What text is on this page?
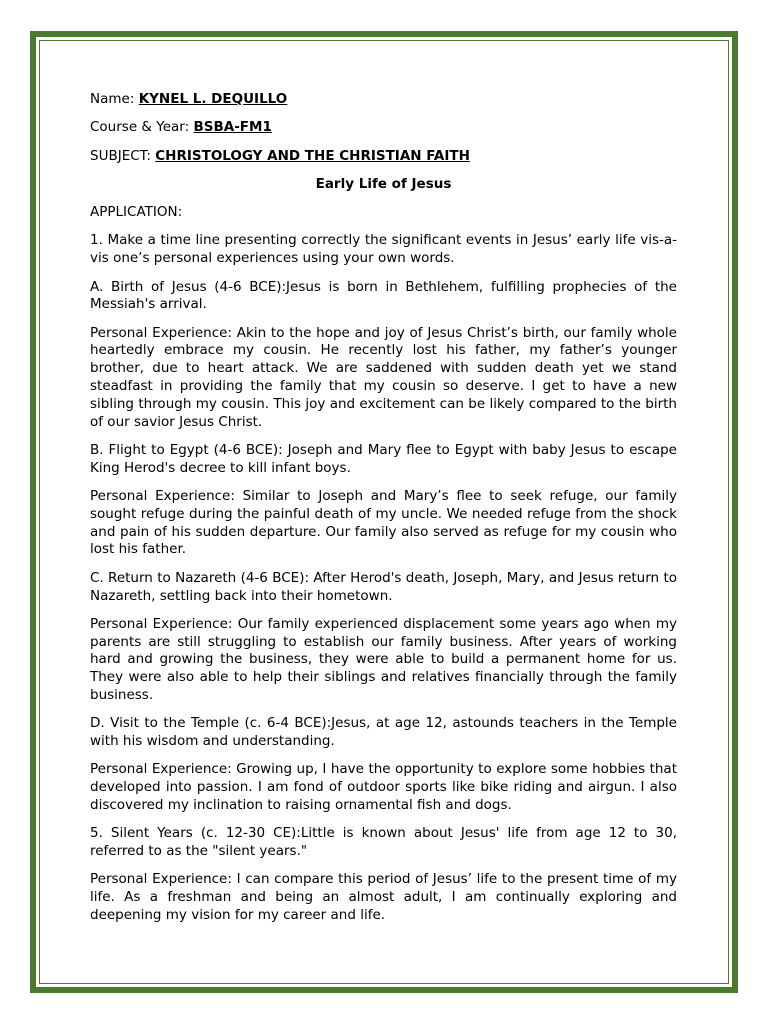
Name: KYNEL L. DEQUILLO

Course & Year: BSBA-FM1

SUBJECT: CHRISTOLOGY AND THE CHRISTIAN FAITH

Early Life of Jesus

APPLICATION:

1. Make a time line presenting correctly the significant events in Jesus’ early life vis-a-vis one’s personal experiences using your own words.

A. Birth of Jesus (4-6 BCE):Jesus is born in Bethlehem, fulfilling prophecies of the Messiah's arrival.

Personal Experience: Akin to the hope and joy of Jesus Christ’s birth, our family whole heartedly embrace my cousin. He recently lost his father, my father’s younger brother, due to heart attack. We are saddened with sudden death yet we stand steadfast in providing the family that my cousin so deserve. I get to have a new sibling through my cousin. This joy and excitement can be likely compared to the birth of our savior Jesus Christ.

B. Flight to Egypt (4-6 BCE): Joseph and Mary flee to Egypt with baby Jesus to escape King Herod's decree to kill infant boys.

Personal Experience: Similar to Joseph and Mary’s flee to seek refuge, our family sought refuge during the painful death of my uncle. We needed refuge from the shock and pain of his sudden departure. Our family also served as refuge for my cousin who lost his father.

C. Return to Nazareth (4-6 BCE): After Herod's death, Joseph, Mary, and Jesus return to Nazareth, settling back into their hometown.

Personal Experience: Our family experienced displacement some years ago when my parents are still struggling to establish our family business. After years of working hard and growing the business, they were able to build a permanent home for us. They were also able to help their siblings and relatives financially through the family business.

D. Visit to the Temple (c. 6-4 BCE):Jesus, at age 12, astounds teachers in the Temple with his wisdom and understanding.

Personal Experience: Growing up, I have the opportunity to explore some hobbies that developed into passion. I am fond of outdoor sports like bike riding and airgun. I also discovered my inclination to raising ornamental fish and dogs.

5. Silent Years (c. 12-30 CE):Little is known about Jesus' life from age 12 to 30, referred to as the "silent years."

Personal Experience: I can compare this period of Jesus’ life to the present time of my life. As a freshman and being an almost adult, I am continually exploring and deepening my vision for my career and life.
